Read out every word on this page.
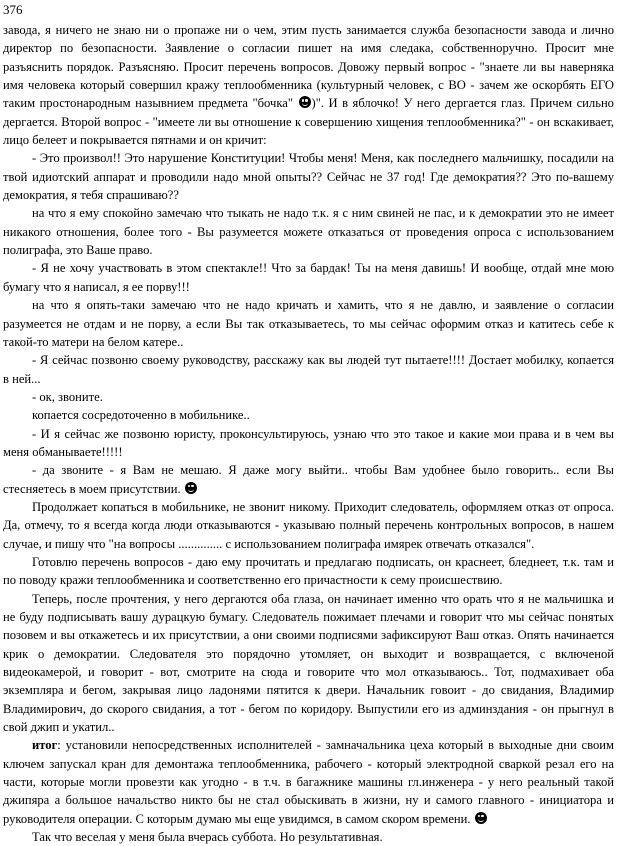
376

завода, я ничего не знаю ни о пропаже ни о чем, этим пусть занимается служба безопасности завода и лично директор по безопасности. Заявление о согласии пишет на имя следака, собственноручно. Просит мне разъяснить порядок. Разъясняю. Просит перечень вопросов. Довожу первый вопрос - "знаете ли вы наверняка имя человека который совершил кражу теплообменника (культурный человек, с ВО - зачем же оскорбять ЕГО таким простонародным назывнием предмета "бочка" )". И в яблочко! У него дергается глаз. Причем сильно дергается. Второй вопрос - "имеете ли вы отношение к совершению хищения теплообменника?" - он вскакивает, лицо белеет и покрывается пятнами и он кричит:

- Это произвол!! Это нарушение Конституции! Чтобы меня! Меня, как последнего мальчишку, посадили на твой идиотский аппарат и проводили надо мной опыты?? Сейчас не 37 год! Где демократия?? Это по-вашему демократия, я тебя спрашиваю??

на что я ему спокойно замечаю что тыкать не надо т.к. я с ним свиней не пас, и к демократии это не имеет никакого отношения, более того - Вы разумеется можете отказаться от проведения опроса с использованием полиграфа, это Ваше право.

- Я не хочу участвовать в этом спектакле!! Что за бардак! Ты на меня давишь! И вообще, отдай мне мою бумагу что я написал, я ее порву!!!

на что я опять-таки замечаю что не надо кричать и хамить, что я не давлю, и заявление о согласии разумеется не отдам и не порву, а если Вы так отказываетесь, то мы сейчас оформим отказ и катитесь себе к такой-то матери на белом катере..

- Я сейчас позвоню своему руководству, расскажу как вы людей тут пытаете!!!! Достает мобилку, копается в ней...

- ок, звоните.

копается сосредоточенно в мобильнике..

- И я сейчас же позвоню юристу, проконсультируюсь, узнаю что это такое и какие мои права и в чем вы меня обманываете!!!!!

- да звоните - я Вам не мешаю. Я даже могу выйти.. чтобы Вам удобнее было говорить.. если Вы стесняетесь в моем присутствии.

Продолжает копаться в мобильнике, не звонит никому. Приходит следователь, оформляем отказ от опроса. Да, отмечу, то я всегда когда люди отказываются - указываю полный перечень контрольных вопросов, в нашем случае, и пишу что "на вопросы .............. с использованием полиграфа имярек отвечать отказался".

Готовлю перечень вопросов - даю ему прочитать и предлагаю подписать, он краснеет, бледнеет, т.к. там и по поводу кражи теплообменника и соответственно его причастности к сему происшествию.

Теперь, после прочтения, у него дергаются оба глаза, он начинает именно что орать что я не мальчишка и не буду подписывать вашу дурацкую бумагу. Следователь пожимает плечами и говорит что мы сейчас понятых позовем и вы откажетесь и их присутствии, а они своими подписями зафиксируют Ваш отказ. Опять начинается крик о демократии. Следователя это порядочно утомляет, он выходит и возвращается, с включеной видеокамерой, и говорит - вот, смотрите на сюда и говорите что мол отказываюсь.. Тот, подмахивает оба экземпляра и бегом, закрывая лицо ладонями пятится к двери. Начальник говоит - до свидания, Владимир Владимирович, до скорого свидания, а тот - бегом по коридору. Выпустили его из админздания - он прыгнул в свой джип и укатил..

итог: установили непосредственных исполнителей - замначальника цеха который в выходные дни своим ключем запускал кран для демонтажа теплообменника, рабочего - который электродной сваркой резал его на части, которые могли провезти как угодно - в т.ч. в багажнике машины гл.инженера - у него реальный такой джипяра а большое начальство никто бы не стал обыскивать в жизни, ну и самого главного - инициатора и руководителя операции. С которым думаю мы еще увидимся, в самом скором времени.

Так что веселая у меня была вчерась суббота. Но результативная.
